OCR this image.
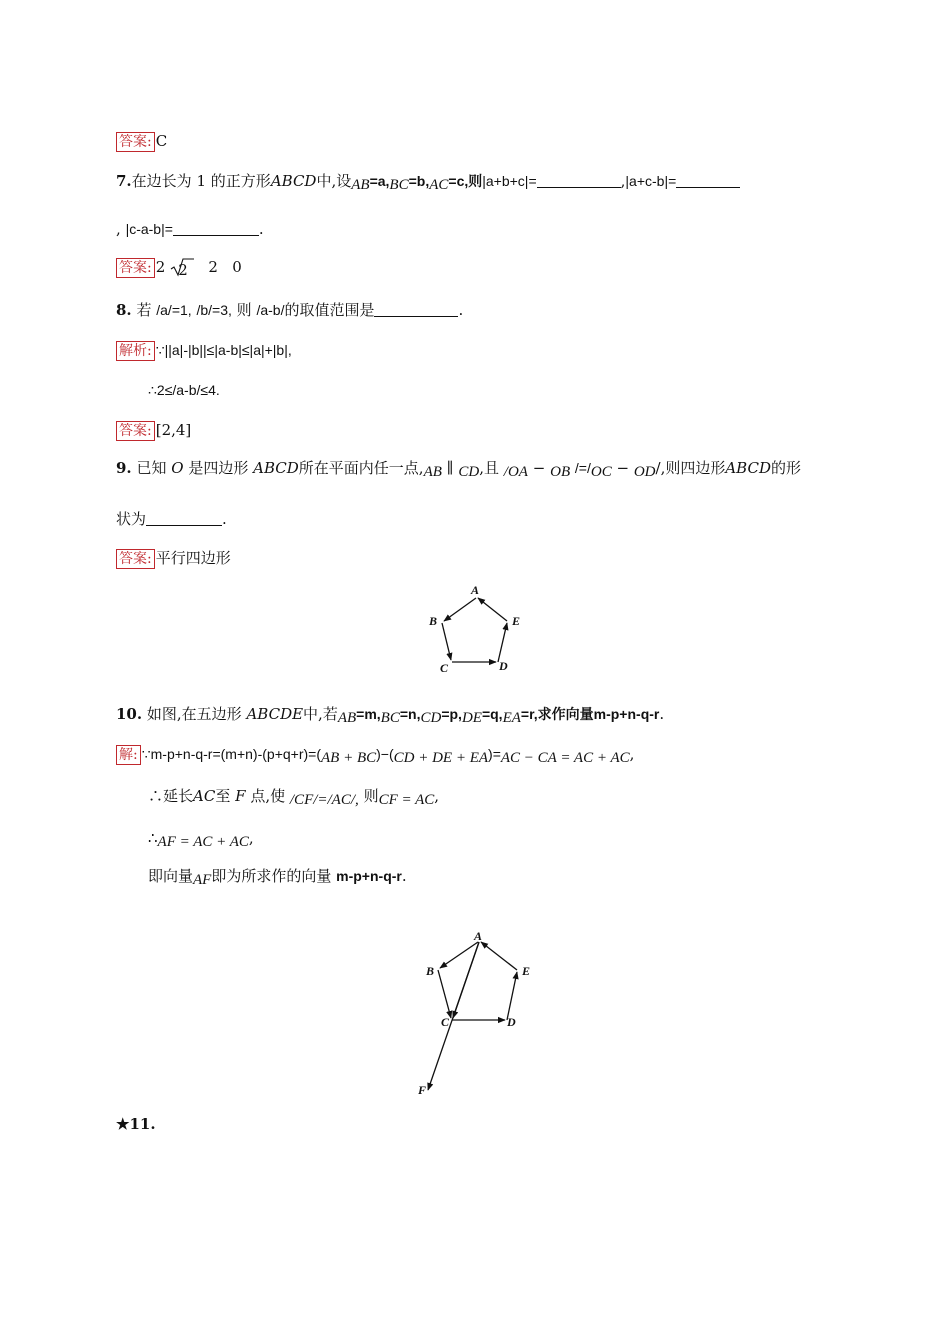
答案: C
7.在边长为 1 的正方形ABCD中,设AB=a,BC=b,AC=c,则|a+b+c|=	,|a+c-b|=
, |c-a-b|=	.
答案: 2 2 2 0
8. 若 /a/=1, /b/=3, 则 /a-b/的取值范围是	.
解析: ∵||a|-|b||≤|a-b|≤|a|+|b|,
∴2≤/a-b/≤4.
答案: [2,4]
9. 已知 O 是四边形 ABCD所在平面内任一点,AB ∥ CD,且 /OA − OB /=/OC − OD/,则四边形ABCD的形
状为	.
答案: 平行四边形
A
B
C	D
E
10. 如图,在五边形 ABCDE中,若AB=m,BC=n,CD=p,DE=q,EA=r,求作向量m-p+n-q-r.
解: ∵m-p+n-q-r=(m+n)-(p+q+r)=(AB + BC)−(CD + DE + EA)=AC − CA = AC + AC,
∴延长AC至 F 点,使 /CF/=/AC/, 则CF = AC,
∴AF = AC + AC,
即向量AF即为所求作的向量 m-p+n-q-r.
A
B
C	D
E
F
★11.
